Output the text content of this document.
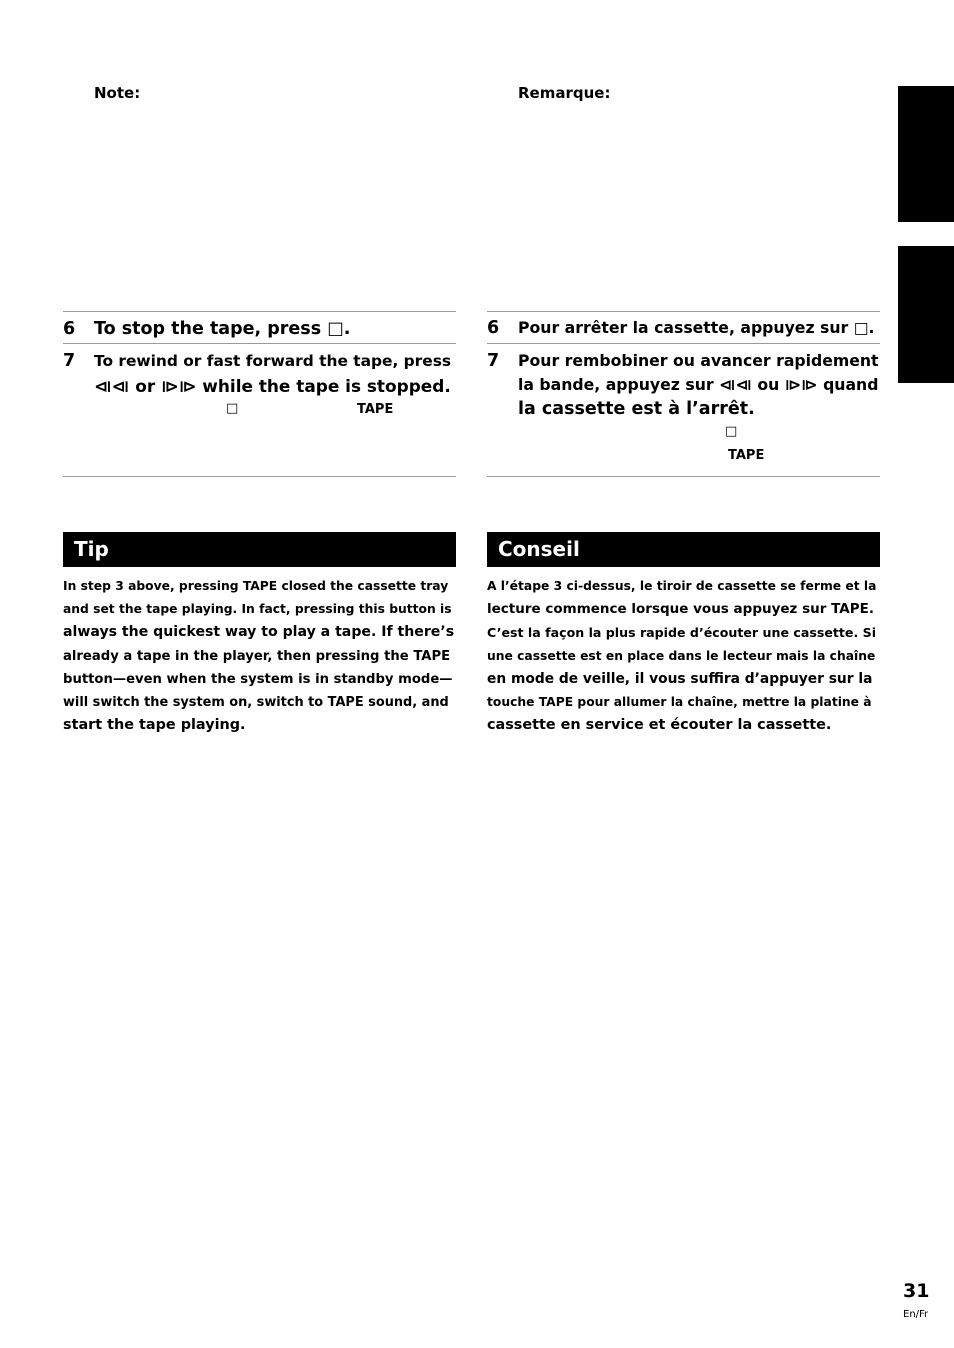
Note:
6 To stop the tape, press □.
7 To rewind or fast forward the tape, press
⧏⧏ or ⧐⧐ while the tape is stopped.
□	TAPE
Tip
In step 3 above, pressing TAPE closed the cassette tray
and set the tape playing. In fact, pressing this button is
always the quickest way to play a tape. If there’s
already a tape in the player, then pressing the TAPE
button—even when the system is in standby mode—
will switch the system on, switch to TAPE sound, and
start the tape playing.
Remarque:
6 Pour arrêter la cassette, appuyez sur □.
7 Pour rembobiner ou avancer rapidement
la bande, appuyez sur ⧏⧏ ou ⧐⧐ quand
la cassette est à l’arrêt.
□
TAPE
Conseil
A l’étape 3 ci-dessus, le tiroir de cassette se ferme et la
lecture commence lorsque vous appuyez sur TAPE.
C’est la façon la plus rapide d’écouter une cassette. Si
une cassette est en place dans le lecteur mais la chaîne
en mode de veille, il vous suffira d’appuyer sur la
touche TAPE pour allumer la chaîne, mettre la platine à
cassette en service et écouter la cassette.
31
En/Fr
